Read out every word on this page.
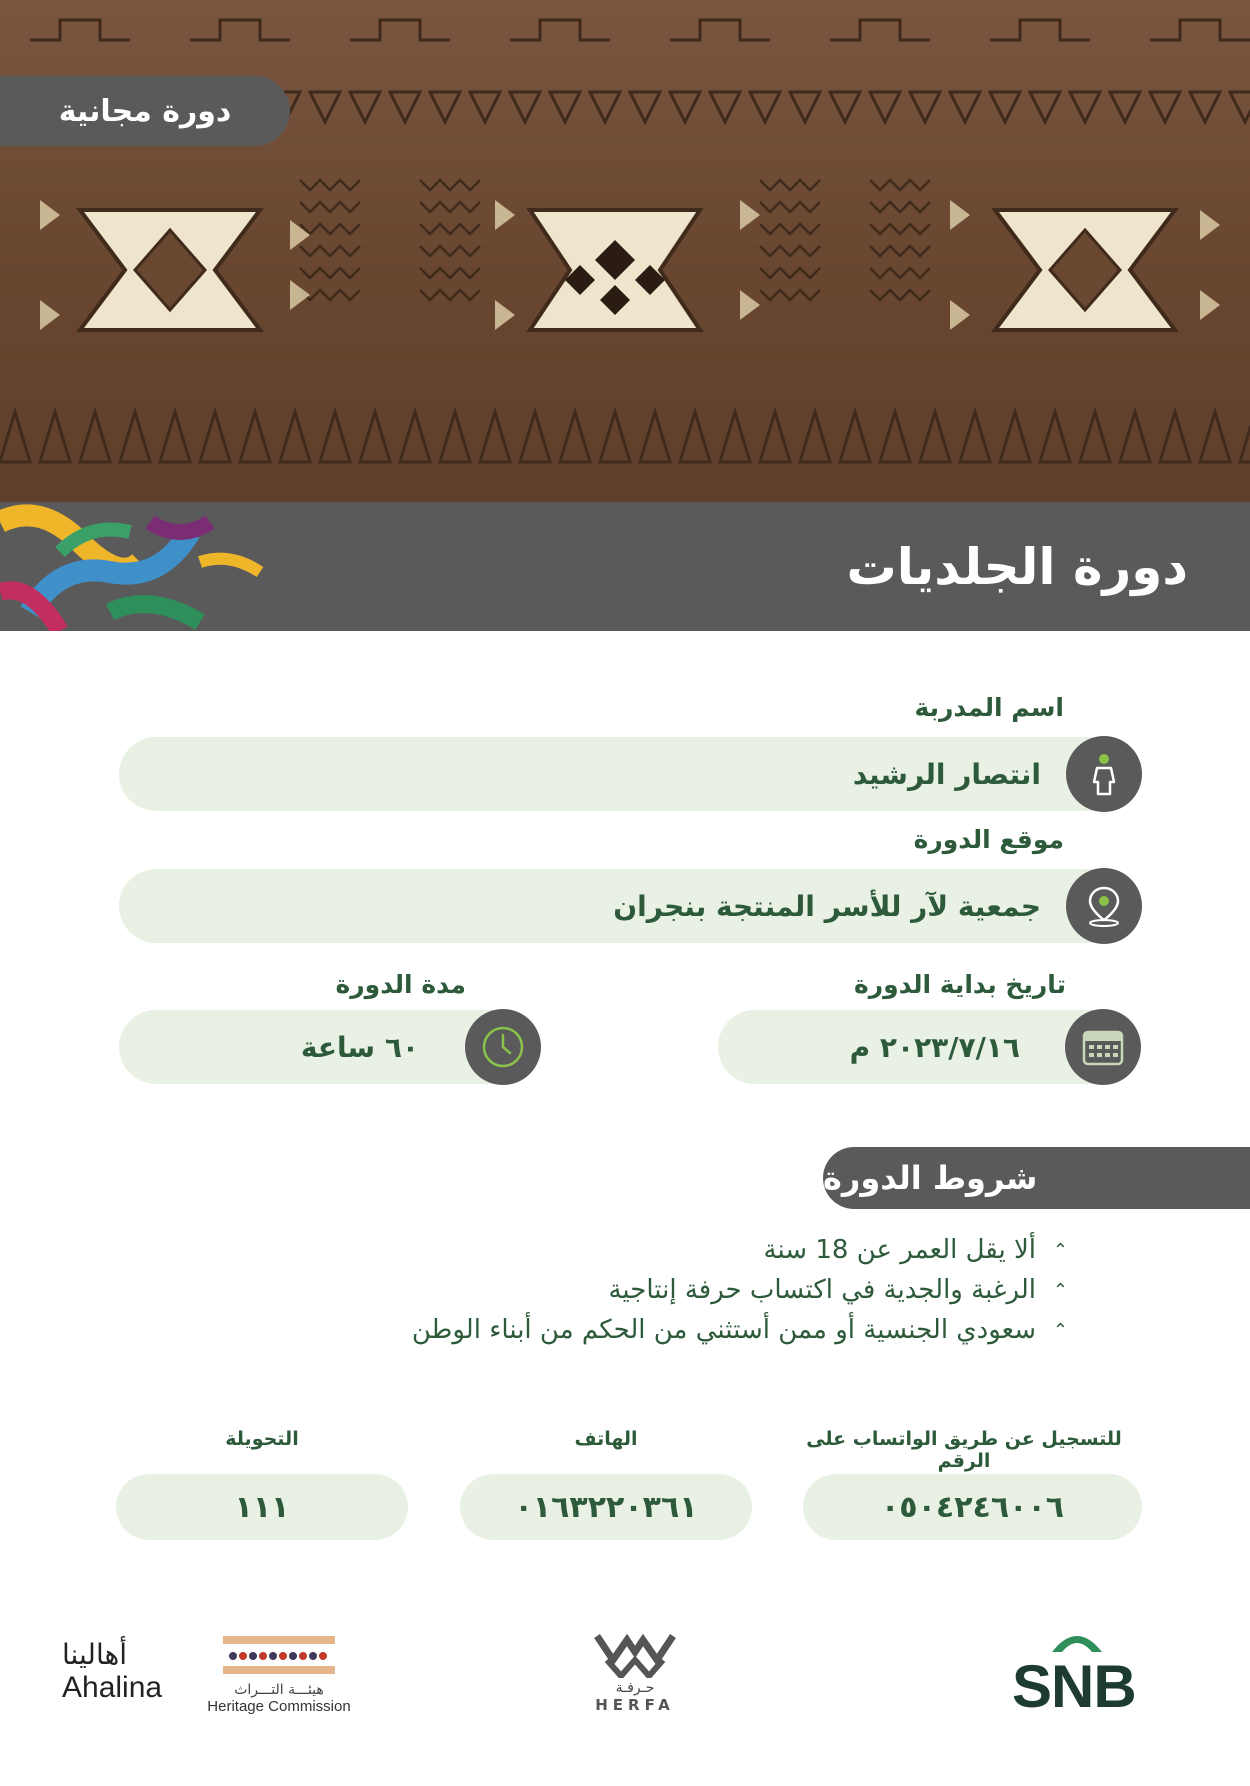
دورة مجانية
دورة الجلديات
اسم المدربة
انتصار الرشيد
موقع الدورة
جمعية لآر للأسر المنتجة بنجران
تاريخ بداية الدورة
٢٠٢٣/٧/١٦ م
مدة الدورة
٦٠ ساعة
شروط الدورة
⌃ألا يقل العمر عن 18 سنة
⌃الرغبة والجدية في اكتساب حرفة إنتاجية
⌃سعودي الجنسية أو ممن أستثني من الحكم من أبناء الوطن
للتسجيل عن طريق الواتساب على الرقم
٠٥٠٤٢٤٦٠٠٦
الهاتف
٠١٦٣٢٢٠٣٦١
التحويلة
١١١
SNB
حـرفـة
HERFA
هيئـــة التـــراث
Heritage Commission
أهالينا
Ahalina
